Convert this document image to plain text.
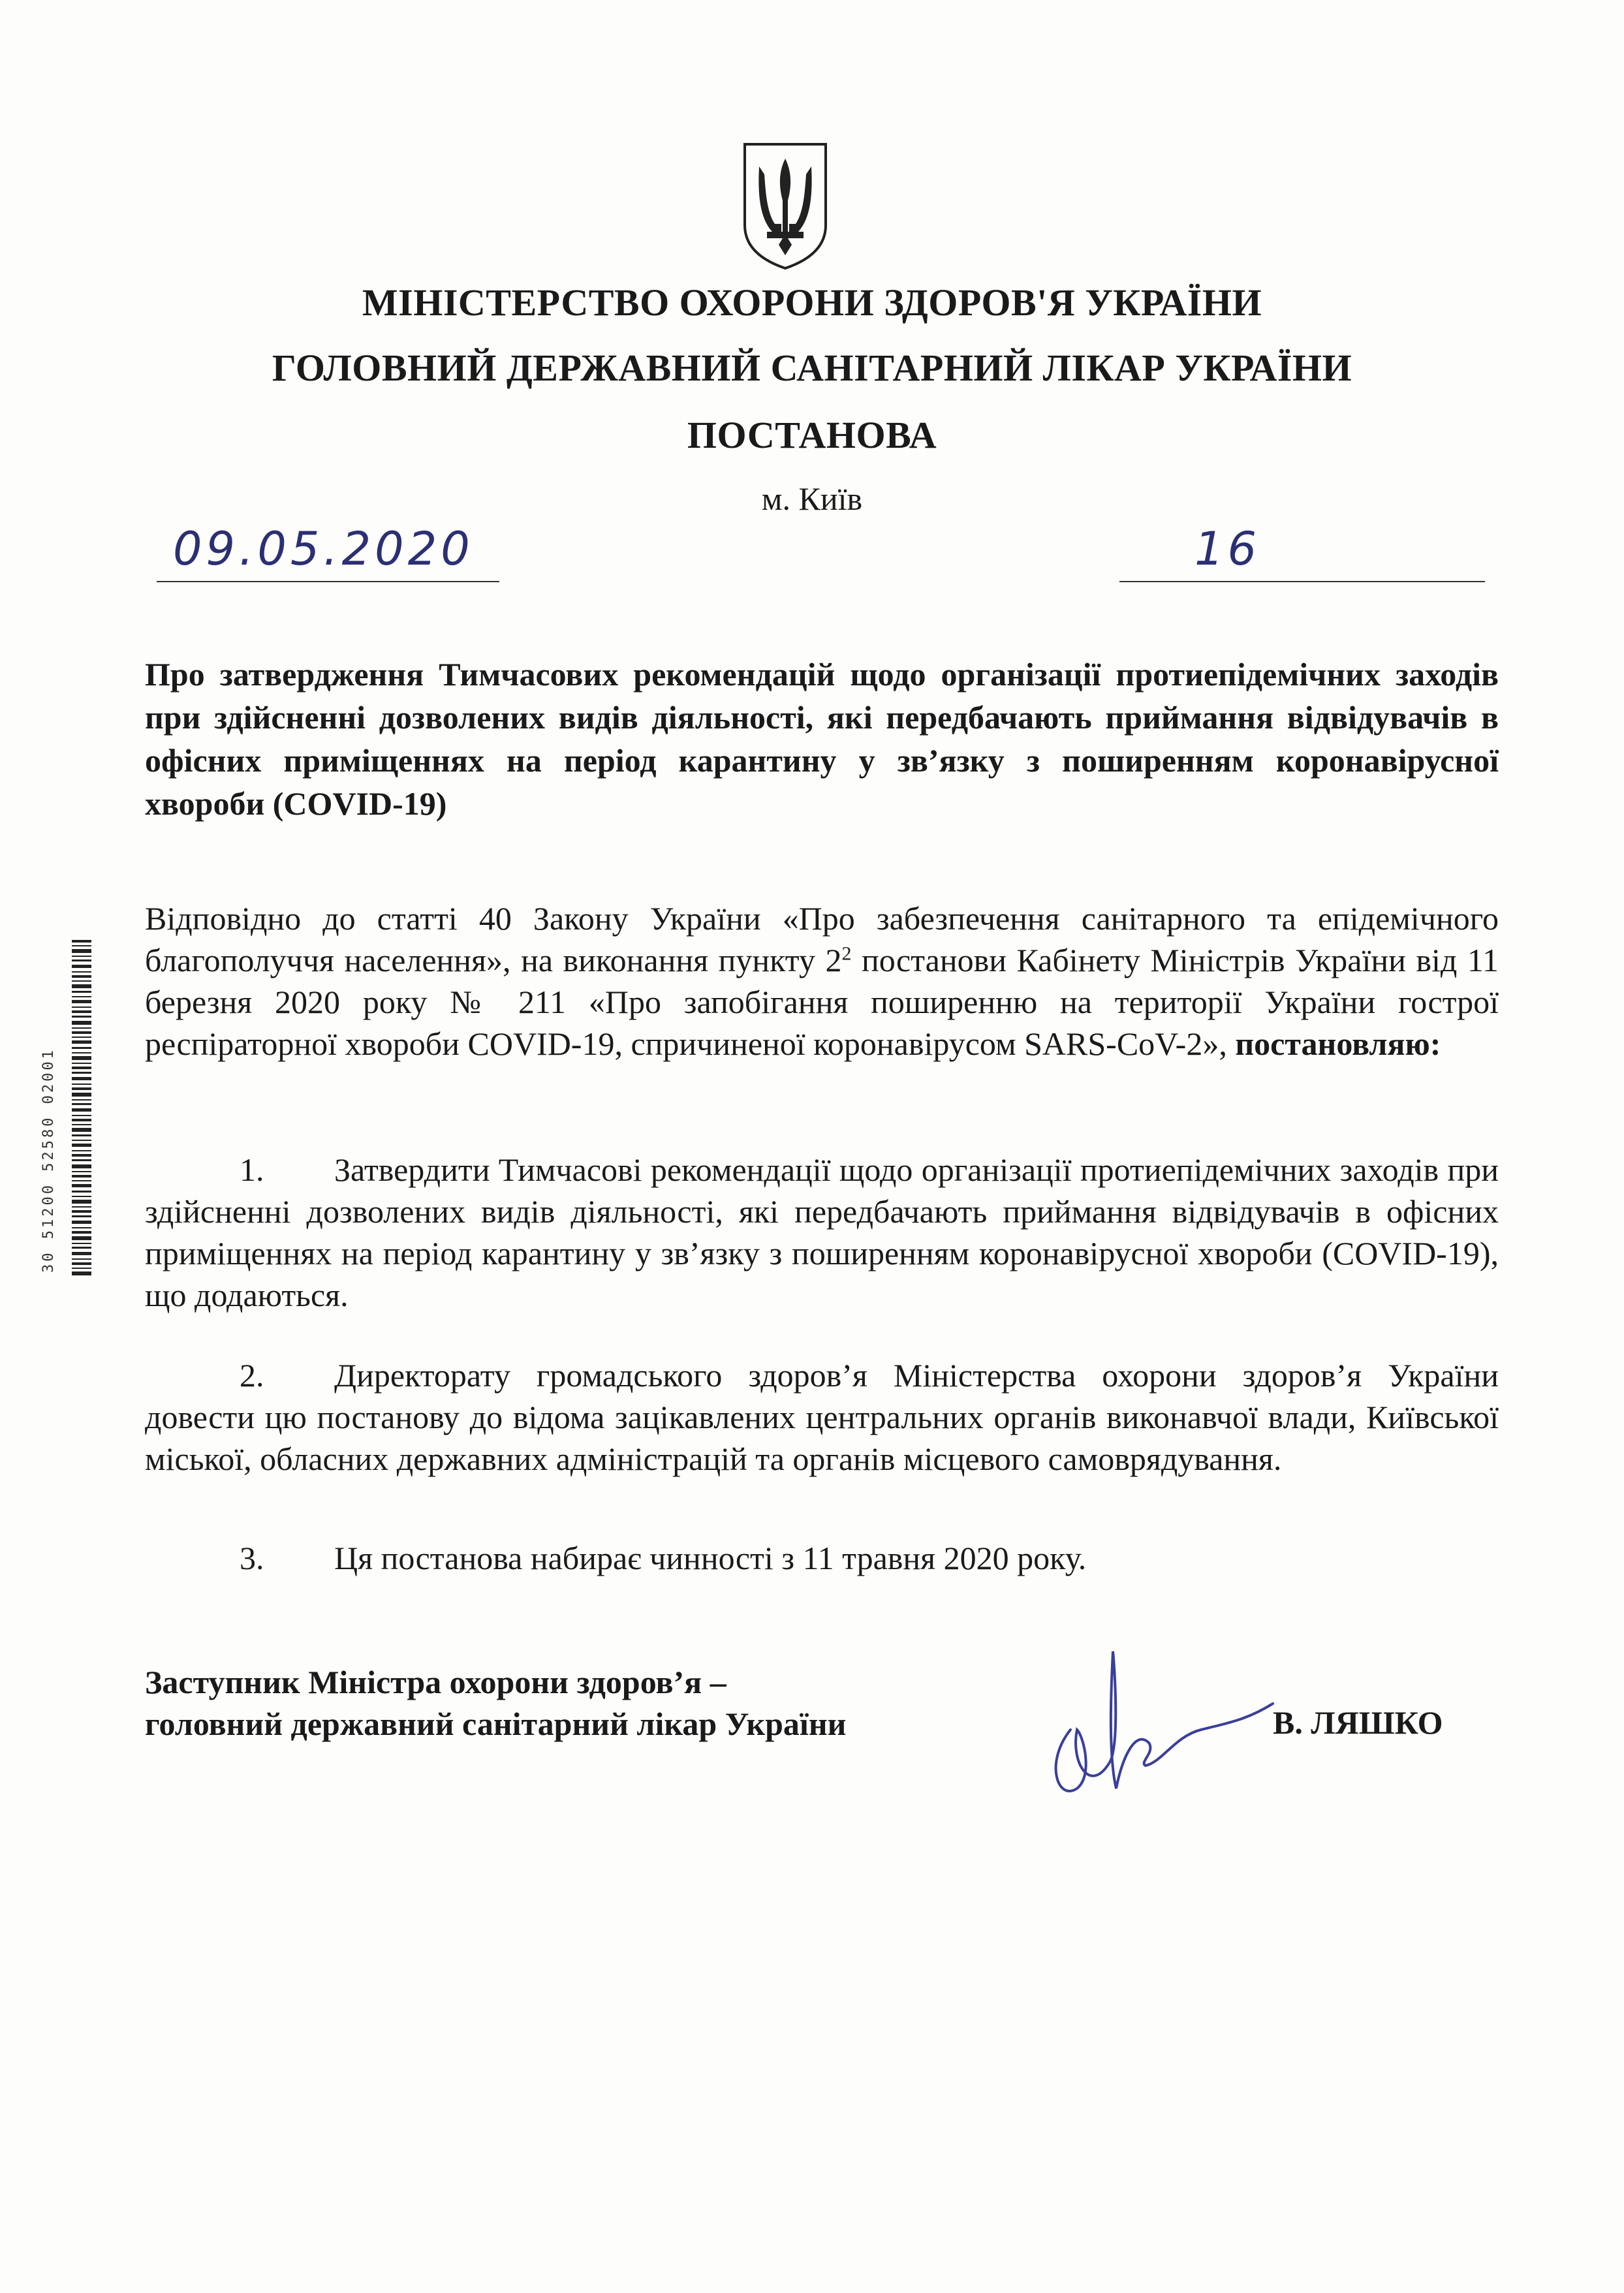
МІНІСТЕРСТВО ОХОРОНИ ЗДОРОВ'Я УКРАЇНИ
ГОЛОВНИЙ ДЕРЖАВНИЙ САНІТАРНИЙ ЛІКАР УКРАЇНИ
ПОСТАНОВА
м. Київ
09.05.2020	16
Про затвердження Тимчасових рекомендацій щодо організації протиепідемічних заходів при здійсненні дозволених видів діяльності, які передбачають приймання відвідувачів в офісних приміщеннях на період карантину у зв’язку з поширенням коронавірусної хвороби (COVID-19)
Відповідно до статті 40 Закону України «Про забезпечення санітарного та епідемічного благополуччя населення», на виконання пункту $2^2$ постанови Кабінету Міністрів України від 11 березня 2020 року № 211 «Про запобігання поширенню на території України гострої респіраторної хвороби COVID-19, спричиненої коронавірусом SARS-CoV-2», постановляю:
1. Затвердити Тимчасові рекомендації щодо організації протиепідемічних заходів при здійсненні дозволених видів діяльності, які передбачають приймання відвідувачів в офісних приміщеннях на період карантину у зв’язку з поширенням коронавірусної хвороби (COVID-19), що додаються.
2. Директорату громадського здоров’я Міністерства охорони здоров’я України довести цю постанову до відома зацікавлених центральних органів виконавчої влади, Київської міської, обласних державних адміністрацій та органів місцевого самоврядування.
3. Ця постанова набирає чинності з 11 травня 2020 року.
Заступник Міністра охорони здоров’я –
головний державний санітарний лікар України	В. ЛЯШКО
30 51200 52580 02001
